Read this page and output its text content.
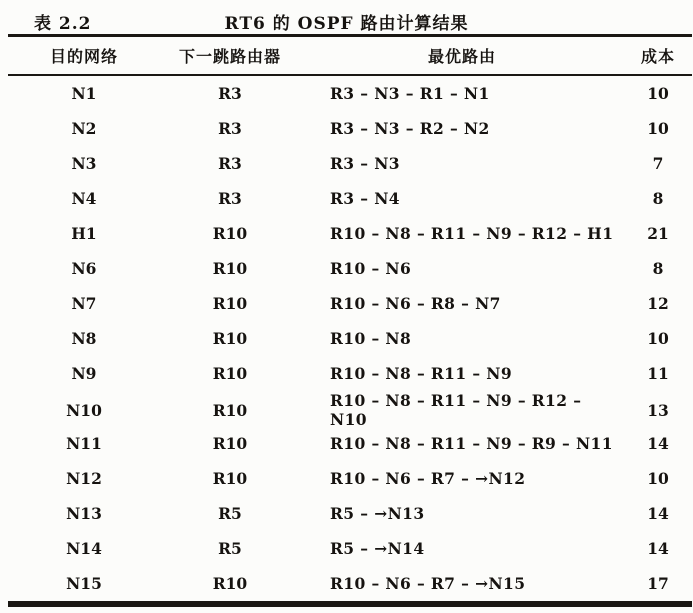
表 2.2	RT6 的 OSPF 路由计算结果
目的网络	下一跳路由器	最优路由	成本
N1	R3	R3 – N3 – R1 – N1	10
N2	R3	R3 – N3 – R2 – N2	10
N3	R3	R3 – N3	7
N4	R3	R3 – N4	8
H1	R10	R10 – N8 – R11 – N9 – R12 – H1	21
N6	R10	R10 – N6	8
N7	R10	R10 – N6 – R8 – N7	12
N8	R10	R10 – N8	10
N9	R10	R10 – N8 – R11 – N9	11
N10	R10	R10 – N8 – R11 – N9 – R12 – N10	13
N11	R10	R10 – N8 – R11 – N9 – R9 – N11	14
N12	R10	R10 – N6 – R7 – →N12	10
N13	R5	R5 – →N13	14
N14	R5	R5 – →N14	14
N15	R10	R10 – N6 – R7 – →N15	17
